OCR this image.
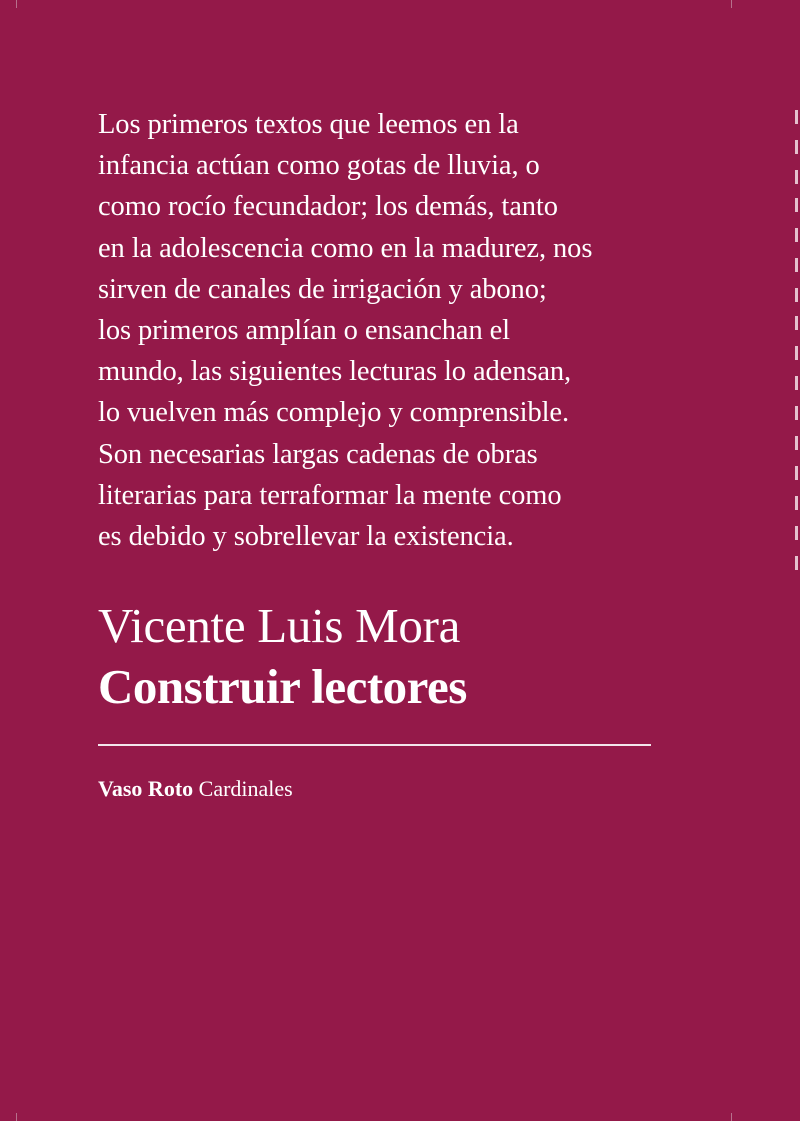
Los primeros textos que leemos en la
infancia actúan como gotas de lluvia, o
como rocío fecundador; los demás, tanto
en la adolescencia como en la madurez, nos
sirven de canales de irrigación y abono;
los primeros amplían o ensanchan el
mundo, las siguientes lecturas lo adensan,
lo vuelven más complejo y comprensible.
Son necesarias largas cadenas de obras
literarias para terraformar la mente como
es debido y sobrellevar la existencia.

Vicente Luis Mora
Construir lectores

Vaso Roto Cardinales
